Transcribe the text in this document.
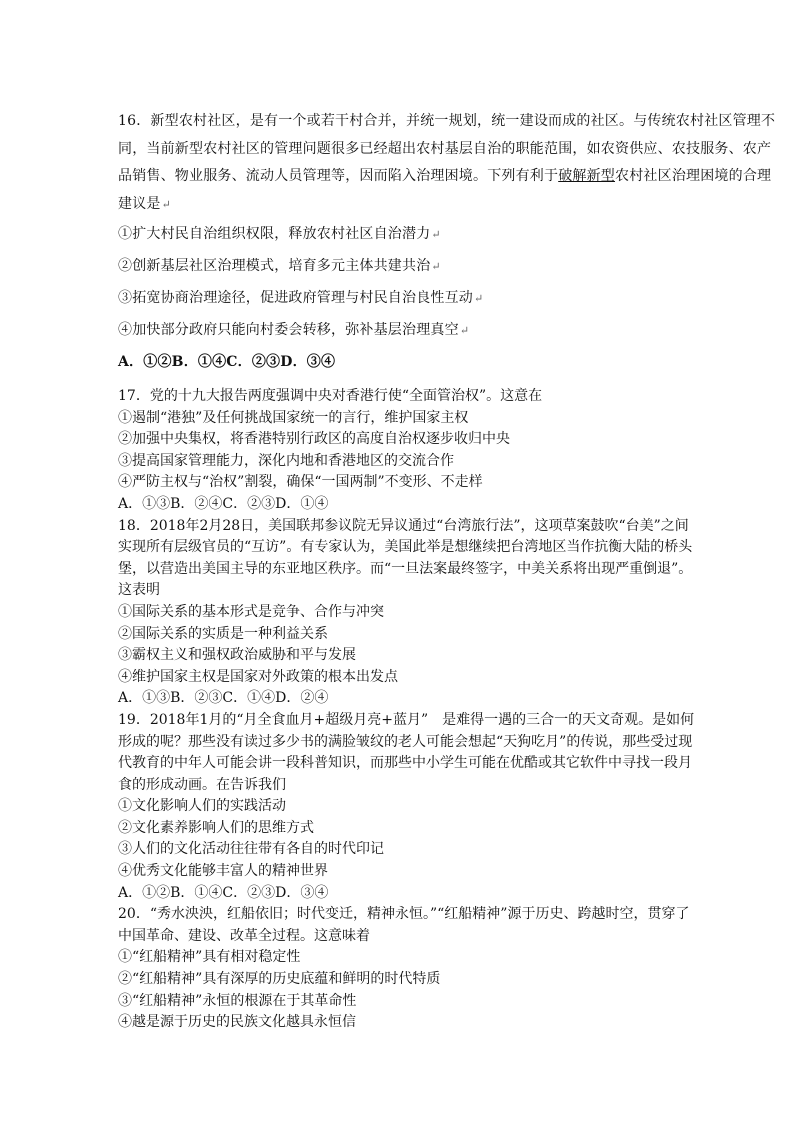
16．新型农村社区，是有一个或若干村合并，并统一规划，统一建设而成的社区。与传统农村社区管理不同，当前新型农村社区的管理问题很多已经超出农村基层自治的职能范围，如农资供应、农技服务、农产品销售、物业服务、流动人员管理等，因而陷入治理困境。下列有利于破解新型农村社区治理困境的合理建议是↵

①扩大村民自治组织权限，释放农村社区自治潜力↵

②创新基层社区治理模式，培育多元主体共建共治↵

③拓宽协商治理途径，促进政府管理与村民自治良性互动↵

④加快部分政府只能向村委会转移，弥补基层治理真空↵

A．①②B．①④C．②③D．③④

17．党的十九大报告两度强调中央对香港行使“全面管治权”。这意在

①遏制“港独”及任何挑战国家统一的言行，维护国家主权

②加强中央集权，将香港特别行政区的高度自治权逐步收归中央

③提高国家管理能力，深化内地和香港地区的交流合作

④严防主权与“治权”割裂，确保“一国两制”不变形、不走样

A．①③B．②④C．②③D．①④

18．2018年2月28日，美国联邦参议院无异议通过“台湾旅行法”，这项草案鼓吹“台美”之间实现所有层级官员的“互访”。有专家认为，美国此举是想继续把台湾地区当作抗衡大陆的桥头堡，以营造出美国主导的东亚地区秩序。而“一旦法案最终签字，中美关系将出现严重倒退”。这表明

①国际关系的基本形式是竞争、合作与冲突

②国际关系的实质是一种利益关系

③霸权主义和强权政治威胁和平与发展

④维护国家主权是国家对外政策的根本出发点

A．①③B．②③C．①④D．②④

19．2018年1月的“月全食血月+超级月亮+蓝月”　是难得一遇的三合一的天文奇观。是如何形成的呢？那些没有读过多少书的满脸皱纹的老人可能会想起“天狗吃月”的传说，那些受过现代教育的中年人可能会讲一段科普知识，而那些中小学生可能在优酷或其它软件中寻找一段月食的形成动画。在告诉我们

①文化影响人们的实践活动

②文化素养影响人们的思维方式

③人们的文化活动往往带有各自的时代印记

④优秀文化能够丰富人的精神世界

A．①②B．①④C．②③D．③④

20．“秀水泱泱，红船依旧；时代变迁，精神永恒。”“红船精神”源于历史、跨越时空，贯穿了中国革命、建设、改革全过程。这意味着

①“红船精神”具有相对稳定性

②“红船精神”具有深厚的历史底蕴和鲜明的时代特质

③“红船精神”永恒的根源在于其革命性

④越是源于历史的民族文化越具永恒信
